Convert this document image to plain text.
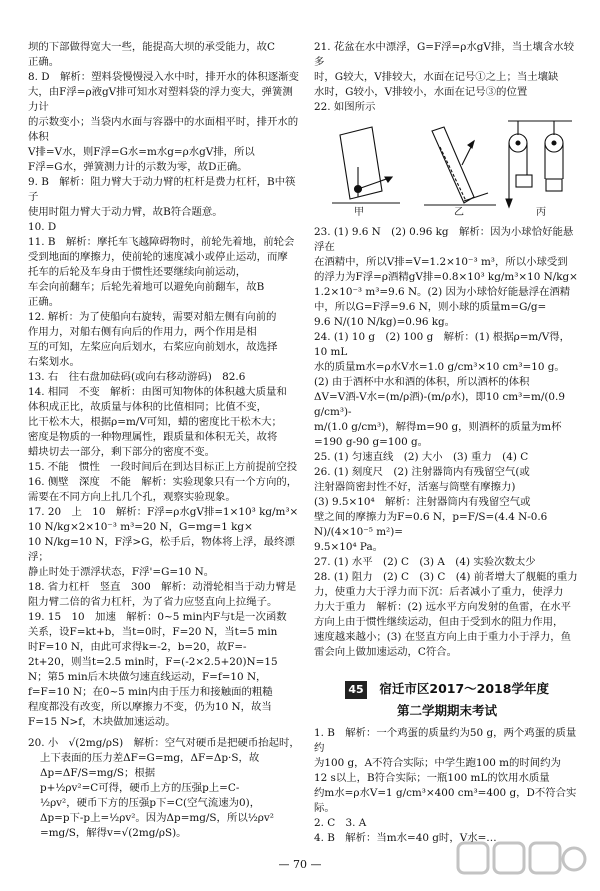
坝的下部做得宽大一些，能提高大坝的承受能力，故C
正确。
8. D　解析：塑料袋慢慢浸入水中时，排开水的体积逐渐变
大，由F浮=ρ液gV排可知水对塑料袋的浮力变大，弹簧测力计
的示数变小；当袋内水面与容器中的水面相平时，排开水的体积
V排=V水，则F浮=G水=m水g=ρ水gV排，所以
F浮=G水，弹簧测力计的示数为零，故D正确。
9. B　解析：阻力臂大于动力臂的杠杆是费力杠杆，B中筷子
使用时阻力臂大于动力臂，故B符合题意。
10. D
11. B　解析：摩托车飞越障碍物时，前轮先着地，前轮会
受到地面的摩擦力，使前轮的速度减小或停止运动，而摩
托车的后轮及车身由于惯性还要继续向前运动，
车会向前翻车；后轮先着地可以避免向前翻车，故B
正确。
12. 解析：为了使船向右旋转，需要对船左侧有向前的
作用力，对船右侧有向后的作用力，两个作用是相
互的可知，左桨应向后划水，右桨应向前划水，故选择
右桨划水。
13. 右　往右盘加砝码(或向右移动游码)　82.6
14. 相同　不变　解析：由图可知物体的体积越大质量和
体积成正比，故质量与体积的比值相同；比值不变，
比干松木大，根据ρ=m/V可知，蜡的密度比干松木大；
密度是物质的一种物理属性，跟质量和体积无关，故将
蜡块切去一部分，剩下部分的密度不变。
15. 不能　惯性　一段时间后在到达目标正上方前提前空投
16. 侧壁　深度　不能　解析：实验现象只有一个方向的，
需要在不同方向上扎几个孔，观察实验现象。
17. 20　上　10　解析：F浮=ρ水gV排=1×10³ kg/m³×
10 N/kg×2×10⁻³ m³=20 N，G=mg=1 kg×
10 N/kg=10 N，F浮>G，松手后，物体将上浮，最终漂浮；
静止时处于漂浮状态，F浮'=G=10 N。
18. 省力杠杆　竖直　300　解析：动滑轮相当于动力臂是
阻力臂二倍的省力杠杆，为了省力应竖直向上拉绳子。
19. 15　10　加速　解析：0~5 min内F与t是一次函数
关系，设F=kt+b，当t=0时，F=20 N，当t=5 min
时F=10 N，由此可求得k=-2，b=20，故F=-
2t+20，则当t=2.5 min时，F=(-2×2.5+20)N=15
N；第5 min后木块做匀速直线运动，F=f=10 N，
f=F=10 N；在0~5 min内由于压力和接触面的粗糙
程度都没有改变，所以摩擦力不变，仍为10 N，故当
F=15 N>f，木块做加速运动。
20. 小　√(2mg/ρS)　解析：空气对硬币是把硬币抬起时，
上下表面的压力差ΔF=G=mg，ΔF=Δp·S，故Δp=ΔF/S=mg/S；根据
p+½ρv²=C可得，硬币上方的压强p上=C-
½ρv²，硬币下方的压强p下=C(空气流速为0)，
Δp=p下-p上=½ρv²。因为Δp=mg/S，所以½ρv²
=mg/S，解得v=√(2mg/ρS)。
21. 花盆在水中漂浮，G=F浮=ρ水gV排，当土壤含水较多
时，G较大，V排较大，水面在记号①之上；当土壤缺
水时，G较小，V排较小，水面在记号③的位置
22. 如图所示
甲	乙	丙
23. (1) 9.6 N　(2) 0.96 kg　解析：因为小球恰好能悬浮在
在酒精中，所以V排=V=1.2×10⁻³ m³，所以小球受到
的浮力为F浮=ρ酒精gV排=0.8×10³ kg/m³×10 N/kg×
1.2×10⁻³ m³=9.6 N。(2) 因为小球恰好能悬浮在酒精
中，所以G=F浮=9.6 N，则小球的质量m=G/g=
9.6 N/(10 N/kg)=0.96 kg。
24. (1) 10 g　(2) 100 g　解析：(1) 根据ρ=m/V得，10 mL
水的质量m水=ρ水V水=1.0 g/cm³×10 cm³=10 g。
(2) 由于酒杯中水和酒的体积，所以酒杯的体积
ΔV=V酒-V水=(m/ρ酒)-(m/ρ水)，即10 cm³=m/(0.9 g/cm³)-
m/(1.0 g/cm³)，解得m=90 g，则酒杯的质量为m杯
=190 g-90 g=100 g。
25. (1) 匀速直线　(2) 大小　(3) 重力　(4) C
26. (1) 刻度尺　(2) 注射器筒内有残留空气(或
注射器筒密封性不好，活塞与筒壁有摩擦力)
(3) 9.5×10⁴　解析：注射器筒内有残留空气或
壁之间的摩擦力为F=0.6 N，p=F/S=(4.4 N-0.6 N)/(4×10⁻⁵ m²)=
9.5×10⁴ Pa。
27. (1) 水平　(2) C　(3) A　(4) 实验次数太少
28. (1) 阻力　(2) C　(3) C　(4) 前者增大了舰艇的重力
力，使重力大于浮力而下沉：后者减小了重力，使浮力
力大于重力　解析：(2) 远水平方向发射的鱼雷，在水平
方向上由于惯性继续运动，但由于受到水的阻力作用，
速度越来越小；(3) 在竖直方向上由于重力小于浮力，鱼
雷会向上做加速运动，C符合。
45 宿迁市区2017～2018学年度
第二学期期末考试
1. B　解析：一个鸡蛋的质量约为50 g，两个鸡蛋的质量约
为100 g，A不符合实际；中学生跑100 m的时间约为
12 s以上，B符合实际；一瓶100 mL的饮用水质量
约m水=ρ水V=1 g/cm³×400 cm³=400 g，D不符合实际。
2. C　3. A
4. B　解析：当m水=40 g时，V水=…
— 70 —
